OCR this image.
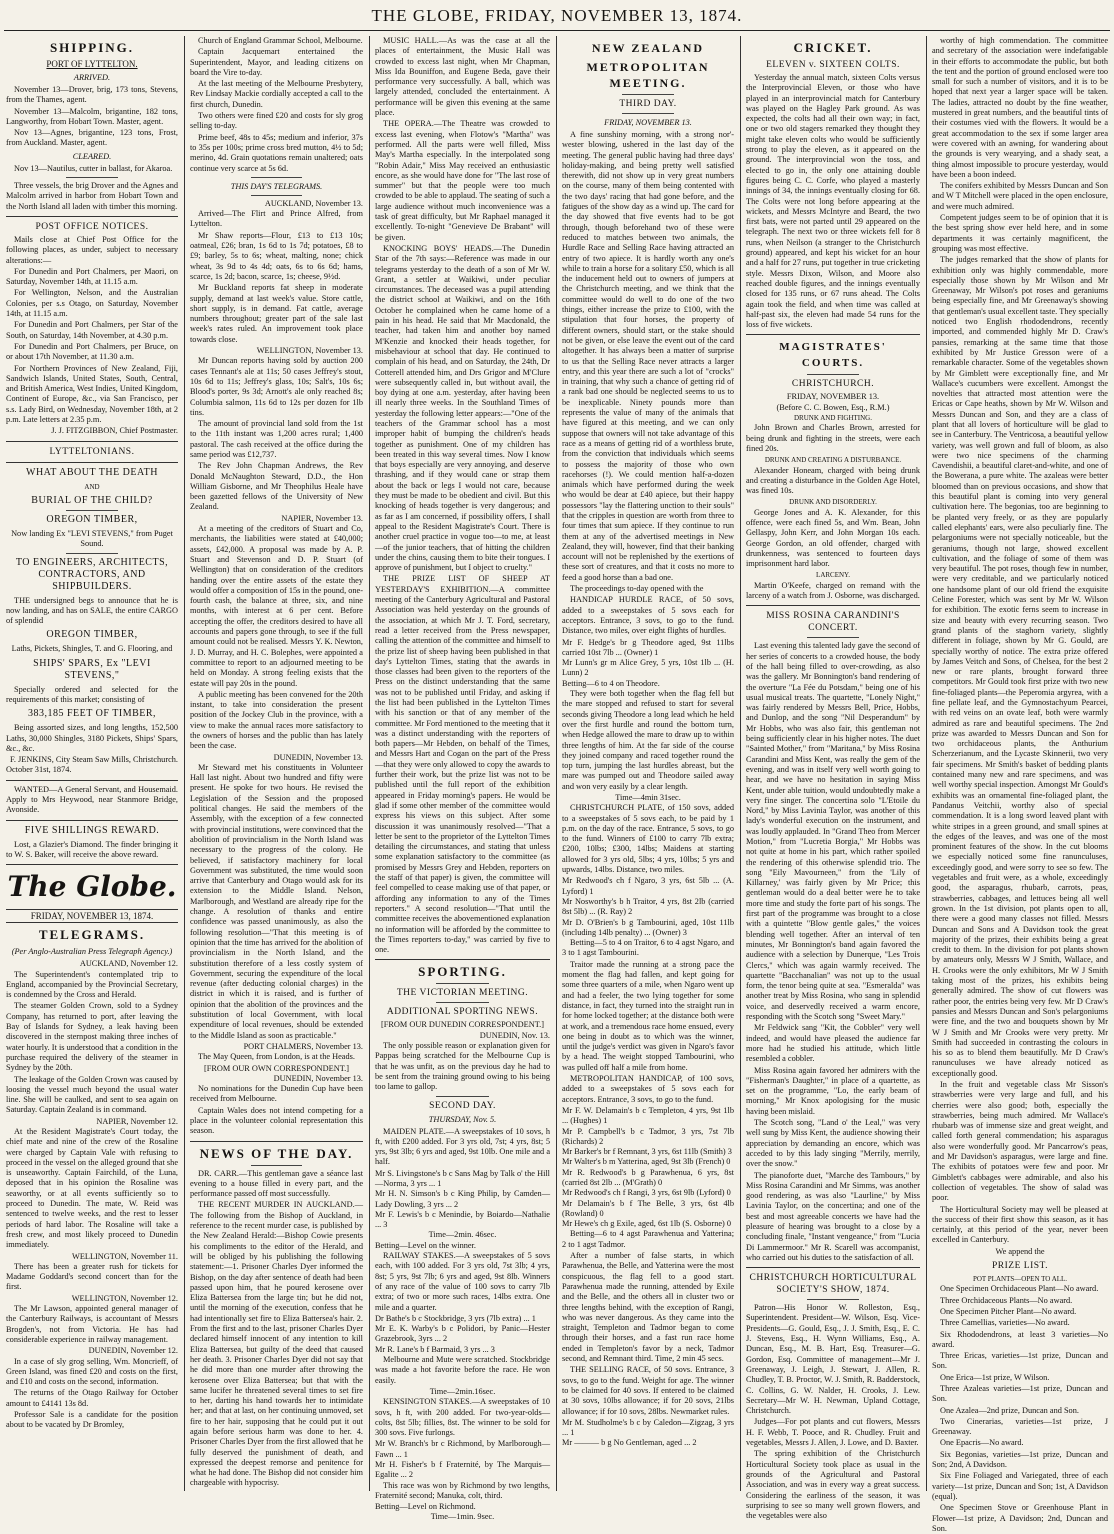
THE GLOBE, FRIDAY, NOVEMBER 13, 1874.
SHIPPING.
PORT OF LYTTELTON.
ARRIVED.

November 13—Drover, brig, 173 tons, Stevens, from the Thames, agent.

November 13—Malcolm, brigantine, 182 tons, Langworthy, from Hobart Town. Master, agent.

Nov 13—Agnes, brigantine, 123 tons, Frost, from Auckland. Master, agent.

CLEARED.

Nov 13—Nautilus, cutter in ballast, for Akaroa.

Three vessels, the brig Drover and the Agnes and Malcolm arrived in harbor from Hobart Town and the North Island all laden with timber this morning.

POST OFFICE NOTICES.

Mails close at Chief Post Office for the following places, as under, subject to necessary alterations:—

For Dunedin and Port Chalmers, per Maori, on Saturday, November 14th, at 11.15 a.m.

For Wellington, Nelson, and the Australian Colonies, per s.s Otago, on Saturday, November 14th, at 11.15 a.m.

For Dunedin and Port Chalmers, per Star of the South, on Saturday, 14th November, at 4.30 p.m.

For Dunedin and Port Chalmers, per Bruce, on or about 17th November, at 11.30 a.m.

For Northern Provinces of New Zealand, Fiji, Sandwich Islands, United States, South, Central, and British America, West Indies, United Kingdom, Continent of Europe, &c., via San Francisco, per s.s. Lady Bird, on Wednesday, November 18th, at 2 p.m. Late letters at 2.35 p.m.

J. J. FITZGIBBON, Chief Postmaster.
LYTTELTONIANS.
WHAT ABOUT THE DEATH
AND
BURIAL OF THE CHILD?
OREGON TIMBER,

Now landing Ex "LEVI STEVENS," from Puget Sound.

TO ENGINEERS, ARCHITECTS, CONTRACTORS, AND SHIPBUILDERS.

THE undersigned begs to announce that he is now landing, and has on SALE, the entire CARGO of splendid

OREGON TIMBER,

Laths, Pickets, Shingles, T. and G. Flooring, and

SHIPS' SPARS, Ex "LEVI STEVENS,"

Specially ordered and selected for the requirements of this market; consisting of

383,185 FEET OF TIMBER,

Being assorted sizes, and long lengths, 152,500 Laths, 30,000 Shingles, 3180 Pickets, Ships' Spars, &c., &c.

F. JENKINS, City Steam Saw Mills, Christchurch.
October 31st, 1874.

WANTED—A General Servant, and Housemaid. Apply to Mrs Heywood, near Stanmore Bridge, Avonside.

FIVE SHILLINGS REWARD.

Lost, a Glazier's Diamond. The finder bringing it to W. S. Baker, will receive the above reward.

The Globe.
FRIDAY, NOVEMBER 13, 1874.
TELEGRAMS.
(Per Anglo-Australian Press Telegraph Agency.)
AUCKLAND, November 12.

The Superintendent's contemplated trip to England, accompanied by the Provincial Secretary, is condemned by the Cross and Herald.

The steamer Golden Crown, sold to a Sydney Company, has returned to port, after leaving the Bay of Islands for Sydney, a leak having been discovered in the sternpost making three inches of water hourly. It is understood that a condition in the purchase required the delivery of the steamer in Sydney by the 20th.

The leakage of the Golden Crown was caused by loosing the vessel much beyond the usual water line. She will be caulked, and sent to sea again on Saturday. Captain Zealand is in command.

NAPIER, November 12.

At the Resident Magistrate's Court today, the chief mate and nine of the crew of the Rosaline were charged by Captain Vale with refusing to proceed in the vessel on the alleged ground that she is unseaworthy. Captain Fairchild, of the Luna, deposed that in his opinion the Rosaline was seaworthy, or at all events sufficiently so to proceed to Dunedin. The mate, W. Reid was sentenced to twelve weeks, and the rest to lesser periods of hard labor. The Rosaline will take a fresh crew, and most likely proceed to Dunedin immediately.

WELLINGTON, November 11.

There has been a greater rush for tickets for Madame Goddard's second concert than for the first.

WELLINGTON, November 12.

The Mr Lawson, appointed general manager of the Canterbury Railways, is accountant of Messrs Brogden's, not from Victoria. He has had considerable experience in railway management.

DUNEDIN, November 12.

In a case of sly grog selling, Wm. Moncrieff, of Green Island, was fined £20 and costs on the first, and £10 and costs on the second, information.

The returns of the Otago Railway for October amount to £4141 13s 8d.

Professor Sale is a candidate for the position about to be vacated by Dr Bromley,

Church of England Grammar School, Melbourne.

Captain Jacquemart entertained the Superintendent, Mayor, and leading citizens on board the Vire to-day.

At the last meeting of the Melbourne Presbytery, Rev Lindsay Mackie cordially accepted a call to the first church, Dunedin.

Two others were fined £20 and costs for sly grog selling to-day.

Prime beef, 48s to 45s; medium and inferior, 37s to 35s per 100s; prime cross bred mutton, 4½ to 5d; merino, 4d. Grain quotations remain unaltered; oats continue very scarce at 5s 6d.

THIS DAY'S TELEGRAMS.
AUCKLAND, November 13.

Arrived—The Flirt and Prince Alfred, from Lyttelton.

Mr Shaw reports—Flour, £13 to £13 10s; oatmeal, £26; bran, 1s 6d to 1s 7d; potatoes, £8 to £9; barley, 5s to 6s; wheat, malting, none; chick wheat, 3s 9d to 4s 4d; oats, 6s to 6s 6d; hams, scarce, 1s 2d; bacon, scarce, 1s; cheese, 9½d.

Mr Buckland reports fat sheep in moderate supply, demand at last week's value. Store cattle, short supply, is in demand. Fat cattle, average numbers throughout; greater part of the sale last week's rates ruled. An improvement took place towards close.

WELLINGTON, November 13.

Mr Duncan reports having sold by auction 200 cases Tennant's ale at 11s; 50 cases Jeffrey's stout, 10s 6d to 11s; Jeffrey's glass, 10s; Salt's, 10s 6s; Blood's porter, 9s 3d; Arnott's ale only reached 8s; Columbia salmon, 11s 6d to 12s per dozen for 1lb tins.

The amount of provincial land sold from the 1st to the 11th instant was 1,200 acres rural; 1,400 pastoral. The cash received at the office during the same period was £12,737.

The Rev John Chapman Andrews, the Rev Donald McNaughton Steward, D.D., the Hon William Gisborne, and Mr Theophilus Heale have been gazetted fellows of the University of New Zealand.

NAPIER, November 13.

At a meeting of the creditors of Stuart and Co, merchants, the liabilities were stated at £40,000; assets, £42,000. A proposal was made by A. P. Stuart and Stevenson and D. P. Stuart (of Wellington) that on consideration of the creditors handing over the entire assets of the estate they would offer a composition of 15s in the pound, one-fourth cash, the balance at three, six, and nine months, with interest at 6 per cent. Before accepting the offer, the creditors desired to have all accounts and papers gone through, to see if the full amount could not be realised. Messrs Y. K. Newton, J. D. Murray, and H. C. Bolephes, were appointed a committee to report to an adjourned meeting to be held on Monday. A strong feeling exists that the estate will pay 20s in the pound.

A public meeting has been convened for the 20th instant, to take into consideration the present position of the Jockey Club in the province, with a view to make the annual races more satisfactory to the owners of horses and the public than has lately been the case.

DUNEDIN, November 13.

Mr Steward met his constituents in Volunteer Hall last night. About two hundred and fifty were present. He spoke for two hours. He revised the Legislation of the Session and the proposed political changes. He said the members of the Assembly, with the exception of a few connected with provincial institutions, were convinced that the abolition of provincialism in the North Island was necessary to the progress of the colony. He believed, if satisfactory machinery for local Government was substituted, the time would soon arrive that Canterbury and Otago would ask for its extension to the Middle Island. Nelson, Marlborough, and Westland are already ripe for the change. A resolution of thanks and entire confidence was passed unanimously, as also the following resolution—"That this meeting is of opinion that the time has arrived for the abolition of provincialism in the North Island, and the substitution therefore of a less costly system of Government, securing the expenditure of the local revenue (after deducting colonial charges) in the district in which it is raised, and is further of opinion that the abolition of the provinces and the substitution of local Government, with local expenditure of local revenues, should be extended to the Middle Island as soon as practicable."

PORT CHALMERS, November 13.

The May Queen, from London, is at the Heads.

[FROM OUR OWN CORRESPONDENT.]
DUNEDIN, November 13.

No nominations for the Dunedin Cup have been received from Melbourne.

Captain Wales does not intend competing for a place in the volunteer colonial representation this season.

NEWS OF THE DAY.

DR. CARR.—This gentleman gave a séance last evening to a house filled in every part, and the performance passed off most successfully.

THE RECENT MURDER IN AUCKLAND.—The following from the Bishop of Auckland, in reference to the recent murder case, is published by the New Zealand Herald:—Bishop Cowie presents his compliments to the editor of the Herald, and will be obliged by his publishing the following statement:—1. Prisoner Charles Dyer informed the Bishop, on the day after sentence of death had been passed upon him, that he poured kerosene over Eliza Battersea from the large tin; but he did not, until the morning of the execution, confess that he had intentionally set fire to Eliza Battersea's hair. 2. From the first and to the last, prisoner Charles Dyer declared himself innocent of any intention to kill Eliza Battersea, but guilty of the deed that caused her death. 3. Prisoner Charles Dyer did not say that he did more than one murder after throwing the kerosene over Eliza Battersea; but that with the same lucifer he threatened several times to set fire to her, darting his hand towards her to intimidate her; and that at last, on her continuing unmoved, set fire to her hair, supposing that he could put it out again before serious harm was done to her. 4. Prisoner Charles Dyer from the first allowed that he fully deserved the punishment of death, and expressed the deepest remorse and penitence for what he had done. The Bishop did not consider him chargeable with hypocrisy.

MUSIC HALL.—As was the case at all the places of entertainment, the Music Hall was crowded to excess last night, when Mr Chapman, Miss Ida Bouniffon, and Eugene Beda, gave their performance very successfully. A ball, which was largely attended, concluded the entertainment. A performance will be given this evening at the same place.

THE OPERA.—The Theatre was crowded to excess last evening, when Flotow's "Martha" was performed. All the parts were well filled, Miss May's Martha especially. In the interpolated song "Robin Adair," Miss May received an enthusiastic encore, as she would have done for "The last rose of summer" but that the people were too much crowded to be able to applaud. The seating of such a large audience without much inconvenience was a task of great difficulty, but Mr Raphael managed it excellently. To-night "Genevieve De Brabant" will be given.

KNOCKING BOYS' HEADS.—The Dunedin Star of the 7th says:—Reference was made in our telegrams yesterday to the death of a son of Mr W. Grant, a settler at Waikiwi, under peculiar circumstances. The deceased was a pupil attending the district school at Waikiwi, and on the 16th October he complained when he came home of a pain in his head. He said that Mr Macdonald, the teacher, had taken him and another boy named M'Kenzie and knocked their heads together, for misbehaviour at school that day. He continued to complain of his head, and on Saturday, the 24th, Dr Cotterell attended him, and Drs Grigor and M'Clure were subsequently called in, but without avail, the boy dying at one a.m. yesterday, after having been ill nearly three weeks. In the Southland Times of yesterday the following letter appears:—"One of the teachers of the Grammar school has a most improper habit of bumping the children's heads together as punishment. One of my children has been treated in this way several times. Now I know that boys especially are very annoying, and deserve thrashing, and if they would cane or strap them about the back or legs I would not care, because they must be made to be obedient and civil. But this knocking of heads together is very dangerous; and as far as I am concerned, if possibility offers, I shall appeal to the Resident Magistrate's Court. There is another cruel practice in vogue too—to me, at least—of the junior teachers, that of hitting the children under the chins, causing them to bite their tongues. I approve of punishment, but I object to cruelty."

THE PRIZE LIST OF SHEEP AT YESTERDAY'S EXHIBITION.—A committee meeting of the Canterbury Agricultural and Pastoral Association was held yesterday on the grounds of the association, at which Mr J. T. Ford, secretary, read a letter received from the Press newspaper, calling the attention of the committee and himself to the prize list of sheep having been published in that day's Lyttelton Times, stating that the awards in those classes had been given to the reporters of the Press on the distinct understanding that the same was not to be published until Friday, and asking if the list had been published in the Lyttelton Times with his sanction or that of any member of the committee. Mr Ford mentioned to the meeting that it was a distinct understanding with the reporters of both papers—Mr Hebden, on behalf of the Times, and Messrs Hart and Cogan on the part of the Press—that they were only allowed to copy the awards to further their work, but the prize list was not to be published until the full report of the exhibition appeared in Friday morning's papers. He would be glad if some other member of the committee would express his views on this subject. After some discussion it was unanimously resolved—"That a letter be sent to the proprietor of the Lyttelton Times detailing the circumstances, and stating that unless some explanation satisfactory to the committee (as promised by Messrs Grey and Hebden, reporters on the staff of that paper) is given, the committee will feel compelled to cease making use of that paper, or affording any information to any of the Times reporters." A second resolution—"That until the committee receives the abovementioned explanation no information will be afforded by the committee to the Times reporters to-day," was carried by five to one.

SPORTING.
THE VICTORIAN MEETING.
ADDITIONAL SPORTING NEWS.
[FROM OUR DUNEDIN CORRESPONDENT.]
DUNEDIN, Nov. 13.

The only possible reason or explanation given for Pappas being scratched for the Melbourne Cup is that he was unfit, as on the previous day he had to be sent from the training ground owing to his being too lame to gallop.

SECOND DAY.
THURSDAY, Nov. 5.

MAIDEN PLATE.—A sweepstakes of 10 sovs, h ft, with £200 added. For 3 yrs old, 7st; 4 yrs, 8st; 5 yrs, 9st 3lb; 6 yrs and aged, 9st 10lb. One mile and a half.

Mr S. Livingstone's b c Sans Mag by Talk o' the Hill—Norma, 3 yrs ... 1
Mr H. N. Simson's b c King Philip, by Camden—Lady Dowling, 3 yrs ... 2
Mr F. Lewis's b c Menindie, by Boiardo—Nathalie ... 3
Time—2min. 46sec.
Betting—Level on the winner.

RAILWAY STAKES.—A sweepstakes of 5 sovs each, with 100 added. For 3 yrs old, 7st 3lb; 4 yrs, 8st; 5 yrs, 9st 7lb; 6 yrs and aged, 9st 8lb. Winners of any race of the value of 100 sovs to carry 7lb extra; of two or more such races, 14lbs extra. One mile and a quarter.

Dr Bathe's b c Stockbridge, 3 yrs (7lb extra) ... 1
Mr E. K. Warby's b c Polidori, by Panic—Hester Grazebrook, 3yrs ... 2
Mr R. Lane's b f Barmaid, 3 yrs ... 3

Melbourne and Mute were scratched. Stockbridge was made a hot favorite before the race. He won easily.

Time—2min.16sec.

KENSINGTON STAKES.—A sweepstakes of 10 sovs, h ft, with 200 added. For two-year-olds—colts, 8st 5lb; fillies, 8st. The winner to be sold for 300 sovs. Five furlongs.

Mr W. Branch's br c Richmond, by Marlborough—Fawn ... 1
Mr H. Fisher's b f Fraternité, by The Marquis—Egalite ... 2

This race was won by Richmond by two lengths, Fraternité second; Manuka, colt, third.

Betting—Level on Richmond.
Time—1min. 9sec.
NEW ZEALAND
METROPOLITAN MEETING.
THIRD DAY.
FRIDAY, NOVEMBER 13.

A fine sunshiny morning, with a strong nor'-wester blowing, ushered in the last day of the meeting. The general public having had three days' holiday-making, and being pretty well satisfied therewith, did not show up in very great numbers on the course, many of them being contented with the two days' racing that had gone before, and the fatigues of the show day as a wind up. The card for the day showed that five events had to be got through, though beforehand two of these were reduced to matches between two animals, the Hurdle Race and Selling Race having attracted an entry of two apiece. It is hardly worth any one's while to train a horse for a solitary £50, which is all the inducement held out to owners of jumpers at the Christchurch meeting, and we think that the committee would do well to do one of the two things, either increase the prize to £100, with the stipulation that four horses, the property of different owners, should start, or the stake should not be given, or else leave the event out of the card altogether. It has always been a matter of surprise to us that the Selling Race never attracts a larger entry, and this year there are such a lot of "crocks" in training, that why such a chance of getting rid of a rank bad one should be neglected seems to us to be inexplicable. Ninety pounds more than represents the value of many of the animals that have figured at this meeting, and we can only suppose that owners will not take advantage of this race as a means of getting rid of a worthless brute, from the conviction that individuals which seems to possess the majority of those who own racehorses (!). We could mention half-a-dozen animals which have performed during the week who would be dear at £40 apiece, but their happy possessors "lay the flattering unction to their souls" that the cripples in question are worth from three to four times that sum apiece. If they continue to run them at any of the advertised meetings in New Zealand, they will, however, find that their banking account will not be replenished by the exertions of these sort of creatures, and that it costs no more to feed a good horse than a bad one.

The proceedings to-day opened with the

HANDICAP HURDLE RACE, of 50 sovs, added to a sweepstakes of 5 sovs each for acceptors. Entrance, 3 sovs, to go to the fund. Distance, two miles, over eight flights of hurdles.

Mr F. Hedge's br g Theodore aged, 9st 11lbs carried 10st 7lb ... (Owner) 1
Mr Lunn's gr m Alice Grey, 5 yrs, 10st 1lb ... (H. Lunn) 2
Betting—6 to 4 on Theodore.

They were both together when the flag fell but the mare stopped and refused to start for several seconds giving Theodore a long lead which he held over the first hurdle and round the bottom turn, when Hedge allowed the mare to draw up to within three lengths of him. At the far side of the course they joined company and raced together round the top turn, jumping the last hurdles abreast, but the mare was pumped out and Theodore sailed away and won very easily by a clear length.

Time—4min 31sec.

CHRISTCHURCH PLATE, of 150 sovs, added to a sweepstakes of 5 sovs each, to be paid by 1 p.m. on the day of the race. Entrance, 5 sovs, to go to the fund. Winners of £100 to carry 7lb extra; £200, 10lbs; £300, 14lbs; Maidens at starting allowed for 3 yrs old, 5lbs; 4 yrs, 10lbs; 5 yrs and upwards, 14lbs. Distance, two miles.

Mr Redwood's ch f Ngaro, 3 yrs, 6st 5lb ... (A. Lyford) 1
Mr Nosworthy's b h Traitor, 4 yrs, 8st 2lb (carried 8st 5lb) ... (R. Ray) 2
Mr D. O'Brien's b g Tambourini, aged, 10st 11lb (including 14lb penalty) ... (Owner) 3

Betting—5 to 4 on Traitor, 6 to 4 agst Ngaro, and 3 to 1 agst Tambourini.

Traitor made the running at a strong pace the moment the flag had fallen, and kept going for some three quarters of a mile, when Ngaro went up and had a feeler, the two lying together for some distance, in fact, they turned into the straight run in for home locked together; at the distance both were at work, and a tremendous race home ensued, every one being in doubt as to which was the winner, until the judge's verdict was given in Ngaro's favor by a head. The weight stopped Tambourini, who was pulled off half a mile from home.

METROPOLITAN HANDICAP, of 100 sovs, added to a sweepstakes of 5 sovs each for acceptors. Entrance, 3 sovs, to go to the fund.

Mr F. W. Delamain's b c Templeton, 4 yrs, 9st 1lb ... (Hughes) 1
Mr P. Campbell's b c Tadmor, 3 yrs, 7st 7lb (Richards) 2
Mr Barker's br f Remnant, 3 yrs, 6st 11lb (Smith) 3
Mr Walter's b m Yatterina, aged, 9st 3lb (French) 0
Mr R. Redwood's b g Parawhenua, 6 yrs, 8st (carried 8st 2lb ... (M'Grath) 0
Mr Redwood's ch f Rangi, 3 yrs, 6st 9lb (Lyford) 0
Mr Delamain's b f The Belle, 3 yrs, 6st 4lb (Rowland) 0
Mr Hewe's ch g Exile, aged, 6st 1lb (S. Osborne) 0

Betting—6 to 4 agst Parawhenua and Yatterina; 2 to 1 agst Tadmor.

After a number of false starts, in which Parawhenua, the Belle, and Yatterina were the most conspicuous, the flag fell to a good start. Parawhenua made the running, attended by Exile and the Belle, and the others all in cluster two or three lengths behind, with the exception of Rangi, who was never dangerous. As they came into the straight, Templeton and Tadmor began to come through their horses, and a fast run race home ended in Templeton's favor by a neck, Tadmor second, and Remnant third. Time, 2 min 45 secs.

THE SELLING RACE, of 50 sovs. Entrance, 3 sovs, to go to the fund. Weight for age. The winner to be claimed for 40 sovs. If entered to be claimed at 30 sovs, 10lbs allowance; if for 20 sovs, 21lbs allowance; if for 10 sovs, 28lbs. Newmarket rules.

Mr M. Studholme's b c by Caledon—Zigzag, 3 yrs ... 1
Mr ——— b g No Gentleman, aged ... 2
CRICKET.
ELEVEN v. SIXTEEN COLTS.

Yesterday the annual match, sixteen Colts versus the Interprovincial Eleven, or those who have played in an interprovincial match for Canterbury was played on the Hagley Park ground. As was expected, the colts had all their own way; in fact, one or two old stagers remarked they thought they might take eleven colts who would be sufficiently strong to play the eleven, as it appeared on the ground. The interprovincial won the toss, and elected to go in, the only one attaining double figures being C. C. Corfe, who played a masterly innings of 34, the innings eventually closing for 68. The Colts were not long before appearing at the wickets, and Messrs McIntyre and Beard, the two first bats, were not parted until 29 appeared on the telegraph. The next two or three wickets fell for 8 runs, when Neilson (a stranger to the Christchurch ground) appeared, and kept his wicket for an hour and a half for 27 runs, put together in true cricketing style. Messrs Dixon, Wilson, and Moore also reached double figures, and the innings eventually closed for 135 runs, or 67 runs ahead. The Colts again took the field, and when time was called at half-past six, the eleven had made 54 runs for the loss of five wickets.

MAGISTRATES' COURTS.
CHRISTCHURCH.
FRIDAY, NOVEMBER 13.
(Before C. C. Bowen, Esq., R.M.)
DRUNK AND FIGHTING.

John Brown and Charles Brown, arrested for being drunk and fighting in the streets, were each fined 20s.

DRUNK AND CREATING A DISTURBANCE.

Alexander Honeam, charged with being drunk and creating a disturbance in the Golden Age Hotel, was fined 10s.

DRUNK AND DISORDERLY.

George Jones and A. K. Alexander, for this offence, were each fined 5s, and Wm. Bean, John Gellaspy, John Kerr, and John Morgan 10s each. George Gordon, an old offender, charged with drunkenness, was sentenced to fourteen days imprisonment hard labor.

LARCENY.

Martin O'Keefe, charged on remand with the larceny of a watch from J. Osborne, was discharged.

MISS ROSINA CARANDINI'S CONCERT.

Last evening this talented lady gave the second of her series of concerts to a crowded house, the body of the hall being filled to over-crowding, as also was the gallery. Mr Bonnington's band rendering of the overture "La Fée du Potsdam," being one of his usual musical treats. The quartette, "Lonely Night," was fairly rendered by Messrs Bell, Price, Hobbs, and Dunlop, and the song "Nil Desperandum" by Mr Hobbs, who was also fair, this gentleman not being sufficiently clear in his higher notes. The duet "Sainted Mother," from "Maritana," by Miss Rosina Carandini and Miss Kent, was really the gem of the evening, and was in itself very well worth going to hear, and we have no hesitation in saying Miss Kent, under able tuition, would undoubtedly make a very fine singer. The concertina solo "L'Etoile du Nord," by Miss Lavinia Taylor, was another of this lady's wonderful execution on the instrument, and was loudly applauded. In "Grand Theo from Mercer Motion," from "Lucretia Borgia," Mr Hobbs was not quite at home in his part, which rather spoiled the rendering of this otherwise splendid trio. The song "Eily Mavourneen," from the 'Lily of Killarney,' was fairly given by Mr Price; this gentleman would do a deal better were he to take more time and study the forte part of his songs. The first part of the programme was brought to a close with a quintette "Blow gentle gales," the voices blending well together. After an interval of ten minutes, Mr Bonnington's band again favored the audience with a selection by Dunerque, "Les Trois Clercs," which was again warmly received. The quartette "Bacchanalian" was not up to the usual form, the tenor being quite at sea. "Esmeralda" was another treat by Miss Rosina, who sang in splendid voice, and deservedly received a warm encore, responding with the Scotch song "Sweet Mary."

Mr Feldwick sang "Kit, the Cobbler" very well indeed, and would have pleased the audience far more had he studied his attitude, which little resembled a cobbler.

Miss Rosina again favored her admirers with the "Fisherman's Daughter," in place of a quartette, as set on the programme, "Lo, the early beam of morning," Mr Knox apologising for the music having been mislaid.

The Scotch song, "Land o' the Leal," was very well sung by Miss Kent, the audience showing their appreciation by demanding an encore, which was acceded to by this lady singing "Merrily, merrily, over the snow."

The pianoforte duet, "Marche des Tambours," by Miss Rosina Carandini and Mr Simms, was another good rendering, as was also "Laurline," by Miss Lavinia Taylor, on the concertina; and one of the best and most agreeable concerts we have had the pleasure of hearing was brought to a close by a concluding finale, "Instant vengeance," from "Lucia Di Lammermoor." Mr R. Scarell was accompanist, who carried out his duties to the satisfaction of all.

CHRISTCHURCH HORTICULTURAL SOCIETY'S SHOW, 1874.

Patron—His Honor W. Rolleston, Esq., Superintendent. President—W. Wilson, Esq. Vice-Presidents—G. Gould, Esq., J. J. Smith, Esq., E. C. J. Stevens, Esq., H. Wynn Williams, Esq., A. Duncan, Esq., M. B. Hart, Esq. Treasurer—G. Gordon, Esq. Committee of management—Mr J. Greenaway, J. Leigh, J. Stewart, J. Allen, R. Chudley, T. B. Proctor, W. J. Smith, R. Badderstock, C. Collins, G. W. Nalder, H. Crooks, J. Lew. Secretary—Mr W. H. Newman, Upland Cottage, Christchurch.

Judges—For pot plants and cut flowers, Messrs H. F. Webb, T. Pooce, and R. Chudley. Fruit and vegetables, Messrs J. Allen, J. Lowe, and D. Baxter.

The spring exhibition of the Christchurch Horticultural Society took place as usual in the grounds of the Agricultural and Pastoral Association, and was in every way a great success. Considering the earliness of the season, it was surprising to see so many well grown flowers, and the vegetables were also

worthy of high commendation. The committee and secretary of the association were indefatigable in their efforts to accommodate the public, but both the tent and the portion of ground enclosed were too small for such a number of visitors, and it is to be hoped that next year a larger space will be taken. The ladies, attracted no doubt by the fine weather, mustered in great numbers, and the beautiful tints of their costumes vied with the flowers. It would be a great accommodation to the sex if some larger area were covered with an awning, for wandering about the grounds is very wearying, and a shady seat, a thing almost impossible to procure yesterday, would have been a boon indeed.

The conifers exhibited by Messrs Duncan and Son and W T Mitchell were placed in the open enclosure, and were much admired.

Competent judges seem to be of opinion that it is the best spring show ever held here, and in some departments it was certainly magnificent, the grouping was most effective.

The judges remarked that the show of plants for exhibition only was highly commendable, more especially those shown by Mr Wilson and Mr Greenaway, Mr Wilson's pot roses and geraniums being especially fine, and Mr Greenaway's showing that gentleman's usual excellent taste. They specially noticed two English rhododendrons, recently imported, and commended highly Mr D. Craw's pansies, remarking at the same time that those exhibited by Mr Justice Gresson were of a remarkable character. Some of the vegetables shown by Mr Gimblett were exceptionally fine, and Mr Wallace's cucumbers were excellent. Amongst the novelties that attracted most attention were the Ericas or Cape heaths, shown by Mr W. Wilson and Messrs Duncan and Son, and they are a class of plant that all lovers of horticulture will be glad to see in Canterbury. The Ventricosa, a beautiful yellow variety, was well grown and full of bloom, as also were two nice specimens of the charming Cavendishii, a beautiful claret-and-white, and one of the Bowerana, a pure white. The azaleas were better bloomed than on previous occasions, and show that this beautiful plant is coming into very general cultivation here. The begonias, too are beginning to be planted very freely, or as they are popularly called elephants' ears, were also peculiarly fine. The pelargoniums were not specially noticeable, but the geraniums, though not large, showed excellent cultivation, and the foliage of some of them was very beautiful. The pot roses, though few in number, were very creditable, and we particularly noticed one handsome plant of our old friend the exquisite Celine Forester, which was sent by Mr W. Wilson for exhibition. The exotic ferns seem to increase in size and beauty with every recurring season. Two grand plants of the staghorn variety, slightly different in foliage, shown by Mr G. Gould, are specially worthy of notice. The extra prize offered by James Veitch and Sons, of Chelsea, for the best 2 new or rare plants, brought forward three competitors. Mr Gould took first prize with two new fine-foliaged plants—the Peperomia argyrea, with a fine pellate leaf, and the Gymnostachyum Pearcei, with red veins on an ovate leaf, both were warmly admired as rare and beautiful specimens. The 2nd prize was awarded to Messrs Duncan and Son for two orchidaceous plants, the Anthurium Scherzerianum, and the Lycaste Skinnerii, two very fair specimens. Mr Smith's basket of bedding plants contained many new and rare specimens, and was well worthy special inspection. Amongst Mr Gould's exhibits was an ornamental fine-foliaged plant, the Pandanus Veitchii, worthy also of special commendation. It is a long sword leaved plant with white stripes in a green ground, and small spines at the edges of the leaves, and was one of the most prominent features of the show. In the cut blooms we especially noticed some fine ranunculuses, exceedingly good, and were sorry to see so few. The vegetables and fruit were, as a whole, exceedingly good, the asparagus, rhubarb, carrots, peas, strawberries, cabbages, and lettuces being all well grown. In the 1st division, pot plants open to all, there were a good many classes not filled. Messrs Duncan and Sons and A Davidson took the great majority of the prizes, their exhibits being a great credit to them. In the division for pot plants shown by amateurs only, Messrs W J Smith, Wallace, and H. Crooks were the only exhibitors, Mr W J Smith taking most of the prizes, his exhibits being generally admired. The show of cut flowers was rather poor, the entries being very few. Mr D Craw's pansies and Messrs Duncan and Son's pelargoniums were fine, and the two and bouquets shown by Mr W J Smith and Mr Crooks were very pretty. Mr Smith had succeeded in contrasting the colours in his so as to blend them beautifully. Mr D Craw's ranunculuses we have already noticed as exceptionally good.

In the fruit and vegetable class Mr Sisson's strawberries were very large and full, and his cherries were also good; both, especially the strawberries, being much admired. Mr Wallace's rhubarb was of immense size and great weight, and called forth general commendation; his asparagus also were wonderfully good. Mr Pancarrow's peas, and Mr Davidson's asparagus, were large and fine. The exhibits of potatoes were few and poor. Mr Gimblett's cabbages were admirable, and also his collection of vegetables. The show of salad was poor.

The Horticultural Society may well be pleased at the success of their first show this season, as it has certainly, at this period of the year, never been excelled in Canterbury.

We append the
PRIZE LIST.
POT PLANTS—OPEN TO ALL.

One Specimen Orchidaceous Plant—No award.

Three Orchidaceous Plants—No award.

One Specimen Pitcher Plant—No award.

Three Camellias, varieties—No award.

Six Rhododendrons, at least 3 varieties—No award.

Three Ericas, varieties—1st prize, Duncan and Son.

One Erica—1st prize, W Wilson.

Three Azaleas varieties—1st prize, Duncan and Son.

One Azalea—2nd prize, Duncan and Son.

Two Cinerarias, varieties—1st prize, J Greenaway.

One Epacris—No award.

Six Begonias, varieties—1st prize, Duncan and Son; 2nd, A Davidson.

Six Fine Foliaged and Variegated, three of each variety—1st prize, Duncan and Son; 1st, A Davidson (equal).

One Specimen Stove or Greenhouse Plant in Flower—1st prize, A Davidson; 2nd, Duncan and Son.
